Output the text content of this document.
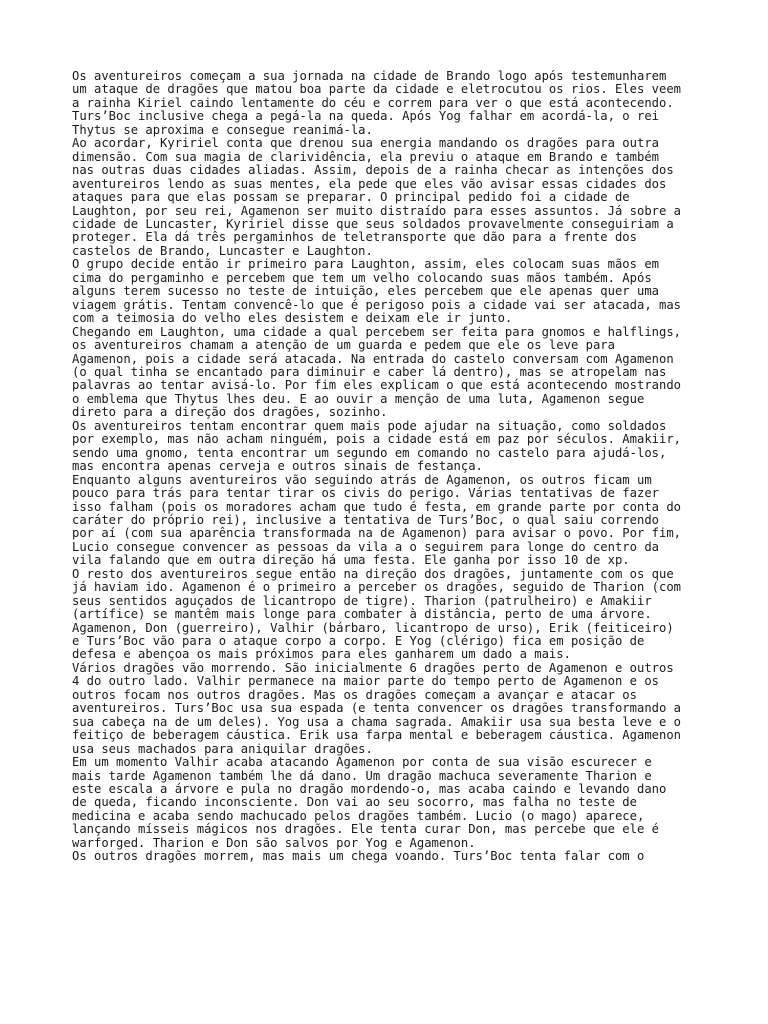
Os aventureiros começam a sua jornada na cidade de Brando logo após testemunharem
um ataque de dragões que matou boa parte da cidade e eletrocutou os rios. Eles veem
a rainha Kiriel caindo lentamente do céu e correm para ver o que está acontecendo.
Turs’Boc inclusive chega a pegá-la na queda. Após Yog falhar em acordá-la, o rei
Thytus se aproxima e consegue reanimá-la.

Ao acordar, Kyririel conta que drenou sua energia mandando os dragões para outra
dimensão. Com sua magia de clarividência, ela previu o ataque em Brando e também
nas outras duas cidades aliadas. Assim, depois de a rainha checar as intenções dos
aventureiros lendo as suas mentes, ela pede que eles vão avisar essas cidades dos
ataques para que elas possam se preparar. O principal pedido foi a cidade de
Laughton, por seu rei, Agamenon ser muito distraído para esses assuntos. Já sobre a
cidade de Luncaster, Kyririel disse que seus soldados provavelmente conseguiriam a
proteger. Ela dá três pergaminhos de teletransporte que dão para a frente dos
castelos de Brando, Luncaster e Laughton.

O grupo decide então ir primeiro para Laughton, assim, eles colocam suas mãos em
cima do pergaminho e percebem que tem um velho colocando suas mãos também. Após
alguns terem sucesso no teste de intuição, eles percebem que ele apenas quer uma
viagem grátis. Tentam convencê-lo que é perigoso pois a cidade vai ser atacada, mas
com a teimosia do velho eles desistem e deixam ele ir junto.

Chegando em Laughton, uma cidade a qual percebem ser feita para gnomos e halflings,
os aventureiros chamam a atenção de um guarda e pedem que ele os leve para
Agamenon, pois a cidade será atacada. Na entrada do castelo conversam com Agamenon
(o qual tinha se encantado para diminuir e caber lá dentro), mas se atropelam nas
palavras ao tentar avisá-lo. Por fim eles explicam o que está acontecendo mostrando
o emblema que Thytus lhes deu. E ao ouvir a menção de uma luta, Agamenon segue
direto para a direção dos dragões, sozinho.

Os aventureiros tentam encontrar quem mais pode ajudar na situação, como soldados
por exemplo, mas não acham ninguém, pois a cidade está em paz por séculos. Amakiir,
sendo uma gnomo, tenta encontrar um segundo em comando no castelo para ajudá-los,
mas encontra apenas cerveja e outros sinais de festança.

Enquanto alguns aventureiros vão seguindo atrás de Agamenon, os outros ficam um
pouco para trás para tentar tirar os civis do perigo. Várias tentativas de fazer
isso falham (pois os moradores acham que tudo é festa, em grande parte por conta do
caráter do próprio rei), inclusive a tentativa de Turs’Boc, o qual saiu correndo
por aí (com sua aparência transformada na de Agamenon) para avisar o povo. Por fim,
Lucio consegue convencer as pessoas da vila a o seguirem para longe do centro da
vila falando que em outra direção há uma festa. Ele ganha por isso 10 de xp.

O resto dos aventureiros segue então na direção dos dragões, juntamente com os que
já haviam ido. Agamenon é o primeiro a perceber os dragões, seguido de Tharion (com
seus sentidos aguçados de licantropo de tigre). Tharion (patrulheiro) e Amakiir
(artífice) se mantêm mais longe para combater à distância, perto de uma árvore.
Agamenon, Don (guerreiro), Valhir (bárbaro, licantropo de urso), Erik (feiticeiro)
e Turs’Boc vão para o ataque corpo a corpo. E Yog (clérigo) fica em posição de
defesa e abençoa os mais próximos para eles ganharem um dado a mais.

Vários dragões vão morrendo. São inicialmente 6 dragões perto de Agamenon e outros
4 do outro lado. Valhir permanece na maior parte do tempo perto de Agamenon e os
outros focam nos outros dragões. Mas os dragões começam a avançar e atacar os
aventureiros. Turs’Boc usa sua espada (e tenta convencer os dragões transformando a
sua cabeça na de um deles). Yog usa a chama sagrada. Amakiir usa sua besta leve e o
feitiço de beberagem cáustica. Erik usa farpa mental e beberagem cáustica. Agamenon
usa seus machados para aniquilar dragões.

Em um momento Valhir acaba atacando Agamenon por conta de sua visão escurecer e
mais tarde Agamenon também lhe dá dano. Um dragão machuca severamente Tharion e
este escala a árvore e pula no dragão mordendo-o, mas acaba caindo e levando dano
de queda, ficando inconsciente. Don vai ao seu socorro, mas falha no teste de
medicina e acaba sendo machucado pelos dragões também. Lucio (o mago) aparece,
lançando mísseis mágicos nos dragões. Ele tenta curar Don, mas percebe que ele é
warforged. Tharion e Don são salvos por Yog e Agamenon.

Os outros dragões morrem, mas mais um chega voando. Turs’Boc tenta falar com o
